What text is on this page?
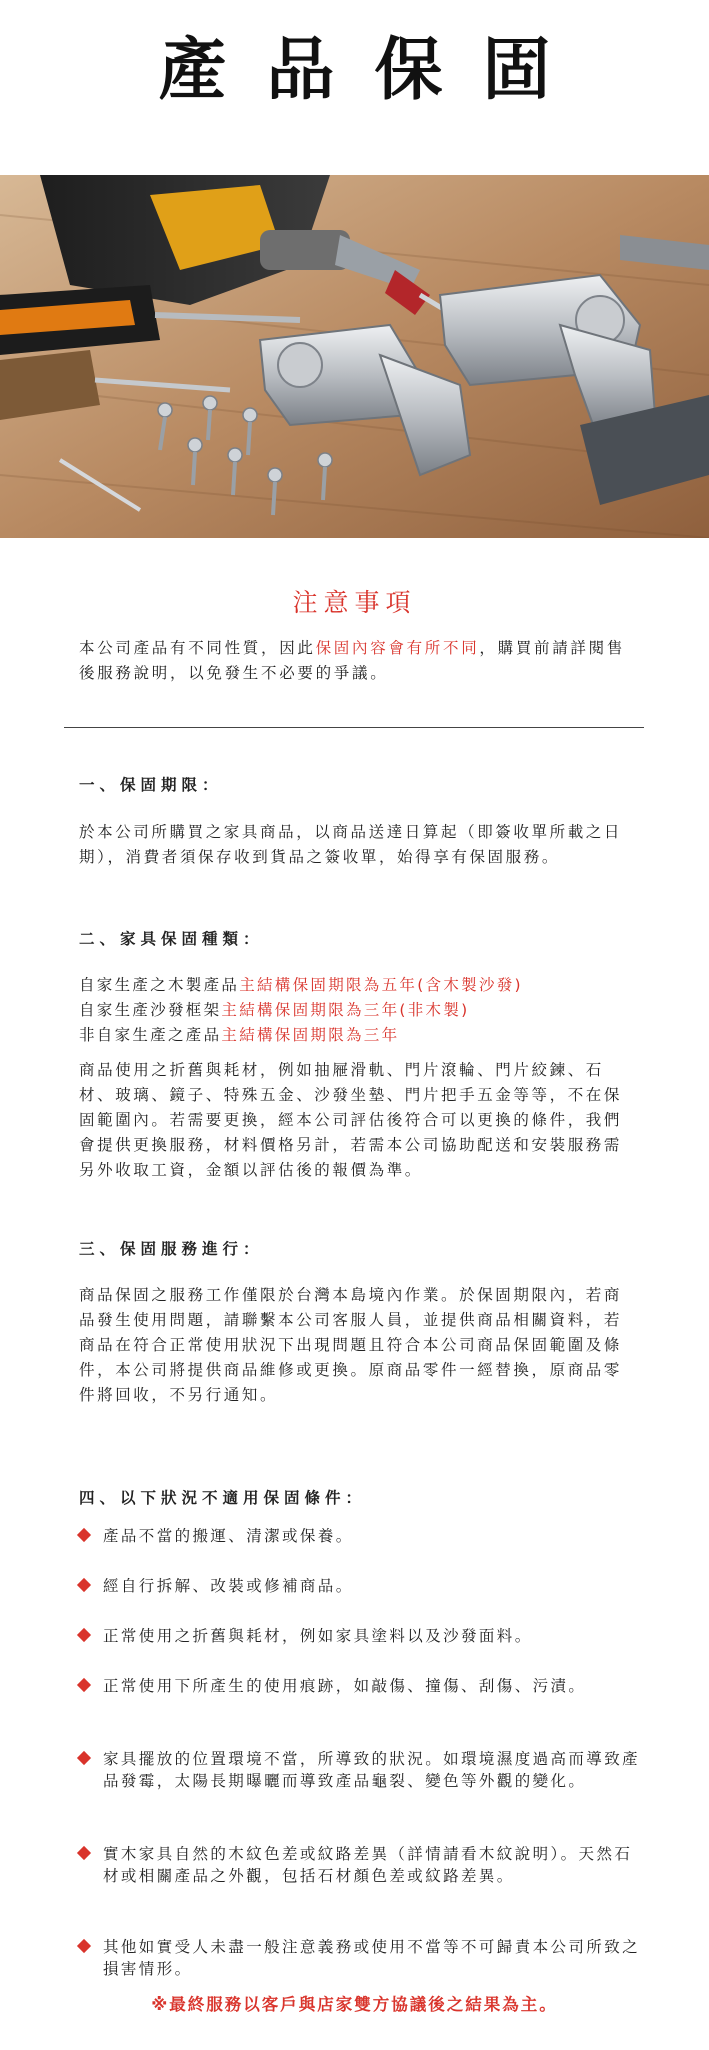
產品保固
注意事項
本公司產品有不同性質，因此保固內容會有所不同，購買前請詳閱售後服務說明，以免發生不必要的爭議。
一、保固期限：
於本公司所購買之家具商品，以商品送達日算起（即簽收單所載之日期），消費者須保存收到貨品之簽收單，始得享有保固服務。
二、家具保固種類：
自家生產之木製產品主結構保固期限為五年(含木製沙發)
自家生產沙發框架主結構保固期限為三年(非木製)
非自家生產之產品主結構保固期限為三年
商品使用之折舊與耗材，例如抽屜滑軌、門片滾輪、門片絞鍊、石材、玻璃、鏡子、特殊五金、沙發坐墊、門片把手五金等等，不在保固範圍內。若需要更換，經本公司評估後符合可以更換的條件，我們會提供更換服務，材料價格另計，若需本公司協助配送和安裝服務需另外收取工資，金額以評估後的報價為準。
三、保固服務進行：
商品保固之服務工作僅限於台灣本島境內作業。於保固期限內，若商品發生使用問題，請聯繫本公司客服人員，並提供商品相關資料，若商品在符合正常使用狀況下出現問題且符合本公司商品保固範圍及條件，本公司將提供商品維修或更換。原商品零件一經替換，原商品零件將回收，不另行通知。
四、以下狀況不適用保固條件：
產品不當的搬運、清潔或保養。
經自行拆解、改裝或修補商品。
正常使用之折舊與耗材，例如家具塗料以及沙發面料。
正常使用下所產生的使用痕跡，如敲傷、撞傷、刮傷、污漬。
家具擺放的位置環境不當，所導致的狀況。如環境濕度過高而導致產品發霉，太陽長期曝曬而導致產品龜裂、變色等外觀的變化。
實木家具自然的木紋色差或紋路差異（詳情請看木紋說明）。天然石材或相關產品之外觀，包括石材顏色差或紋路差異。
其他如實受人未盡一般注意義務或使用不當等不可歸責本公司所致之損害情形。
※最終服務以客戶與店家雙方協議後之結果為主。
